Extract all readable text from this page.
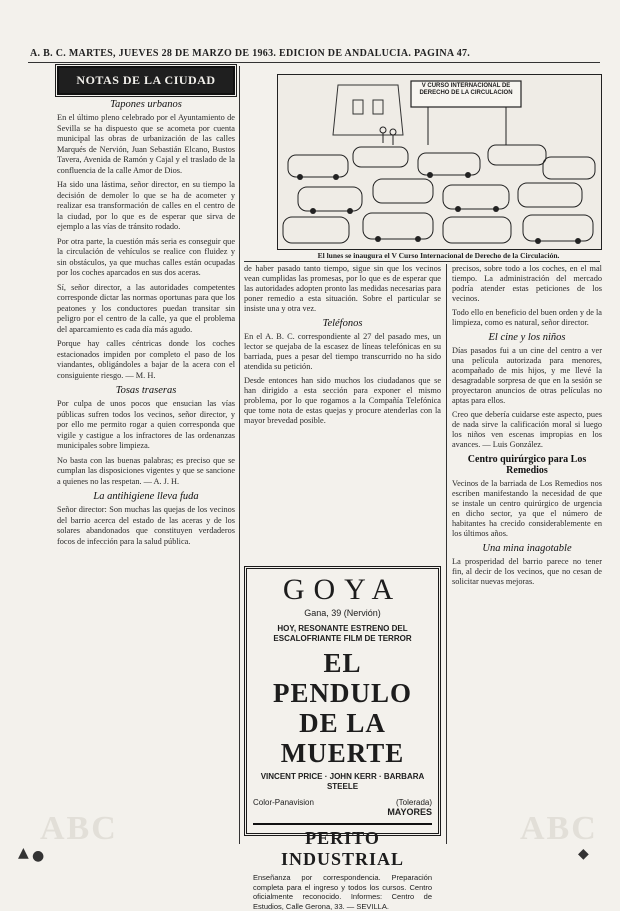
A. B. C. MARTES, JUEVES 28 DE MARZO DE 1963. EDICION DE ANDALUCIA. PAGINA 47.
ABC	ABC
NOTAS DE LA CIUDAD
Tapones urbanos

En el último pleno celebrado por el Ayuntamiento de Sevilla se ha dispuesto que se acometa por cuenta municipal las obras de urbanización de las calles Marqués de Nervión, Juan Sebastián Elcano, Bustos Tavera, Avenida de Ramón y Cajal y el traslado de la confluencia de la calle Amor de Dios.

Ha sido una lástima, señor director, en su tiempo la decisión de demoler lo que se ha de acometer y realizar esa transformación de calles en el centro de la ciudad, por lo que es de esperar que sirva de ejemplo a las vías de tránsito rodado.

Por otra parte, la cuestión más seria es conseguir que la circulación de vehículos se realice con fluidez y sin obstáculos, ya que muchas calles están ocupadas por los coches aparcados en sus dos aceras.

Sí, señor director, a las autoridades competentes corresponde dictar las normas oportunas para que los peatones y los conductores puedan transitar sin peligro por el centro de la calle, ya que el problema del aparcamiento es cada día más agudo.

Porque hay calles céntricas donde los coches estacionados impiden por completo el paso de los viandantes, obligándoles a bajar de la acera con el consiguiente riesgo. — M. H.

Tosas traseras

Por culpa de unos pocos que ensucian las vías públicas sufren todos los vecinos, señor director, y por ello me permito rogar a quien corresponda que vigile y castigue a los infractores de las ordenanzas municipales sobre limpieza.

No basta con las buenas palabras; es preciso que se cumplan las disposiciones vigentes y que se sancione a quienes no las respetan. — A. J. H.

La antihigiene lleva fuda

Señor director: Son muchas las quejas de los vecinos del barrio acerca del estado de las aceras y de los solares abandonados que constituyen verdaderos focos de infección para la salud pública.

V CURSO INTERNACIONAL DE DERECHO DE LA CIRCULACION
El lunes se inaugura el V Curso Internacional de Derecho de la Circulación.

de haber pasado tanto tiempo, sigue sin que los vecinos vean cumplidas las promesas, por lo que es de esperar que las autoridades adopten pronto las medidas necesarias para poner remedio a esta situación. Sobre el particular se insiste una y otra vez.

Teléfonos

En el A. B. C. correspondiente al 27 del pasado mes, un lector se quejaba de la escasez de líneas telefónicas en su barriada, pues a pesar del tiempo transcurrido no ha sido atendida su petición.

Desde entonces han sido muchos los ciudadanos que se han dirigido a esta sección para exponer el mismo problema, por lo que rogamos a la Compañía Telefónica que tome nota de estas quejas y procure atenderlas con la mayor brevedad posible.

GOYA
Gana, 39 (Nervión)
HOY, RESONANTE ESTRENO DEL ESCALOFRIANTE FILM DE TERROR
EL PENDULO DE LA MUERTE
VINCENT PRICE · JOHN KERR · BARBARA STEELE
Color-Panavision	(Tolerada)
MAYORES
PERITO INDUSTRIAL
Enseñanza por correspondencia. Preparación completa para el ingreso y todos los cursos. Centro oficialmente reconocido. Informes: Centro de Estudios, Calle Gerona, 33. — SEVILLA.

precisos, sobre todo a los coches, en el mal tiempo. La administración del mercado podría atender estas peticiones de los vecinos.

Todo ello en beneficio del buen orden y de la limpieza, como es natural, señor director.

El cine y los niños

Días pasados fui a un cine del centro a ver una película autorizada para menores, acompañado de mis hijos, y me llevé la desagradable sorpresa de que en la sesión se proyectaron anuncios de otras películas no aptas para ellos.

Creo que debería cuidarse este aspecto, pues de nada sirve la calificación moral si luego los niños ven escenas impropias en los avances. — Luis González.

Centro quirúrgico para Los Remedios

Vecinos de la barriada de Los Remedios nos escriben manifestando la necesidad de que se instale un centro quirúrgico de urgencia en dicho sector, ya que el número de habitantes ha crecido considerablemente en los últimos años.

Una mina inagotable

La prosperidad del barrio parece no tener fin, al decir de los vecinos, que no cesan de solicitar nuevas mejoras.

▲ ●	◆
